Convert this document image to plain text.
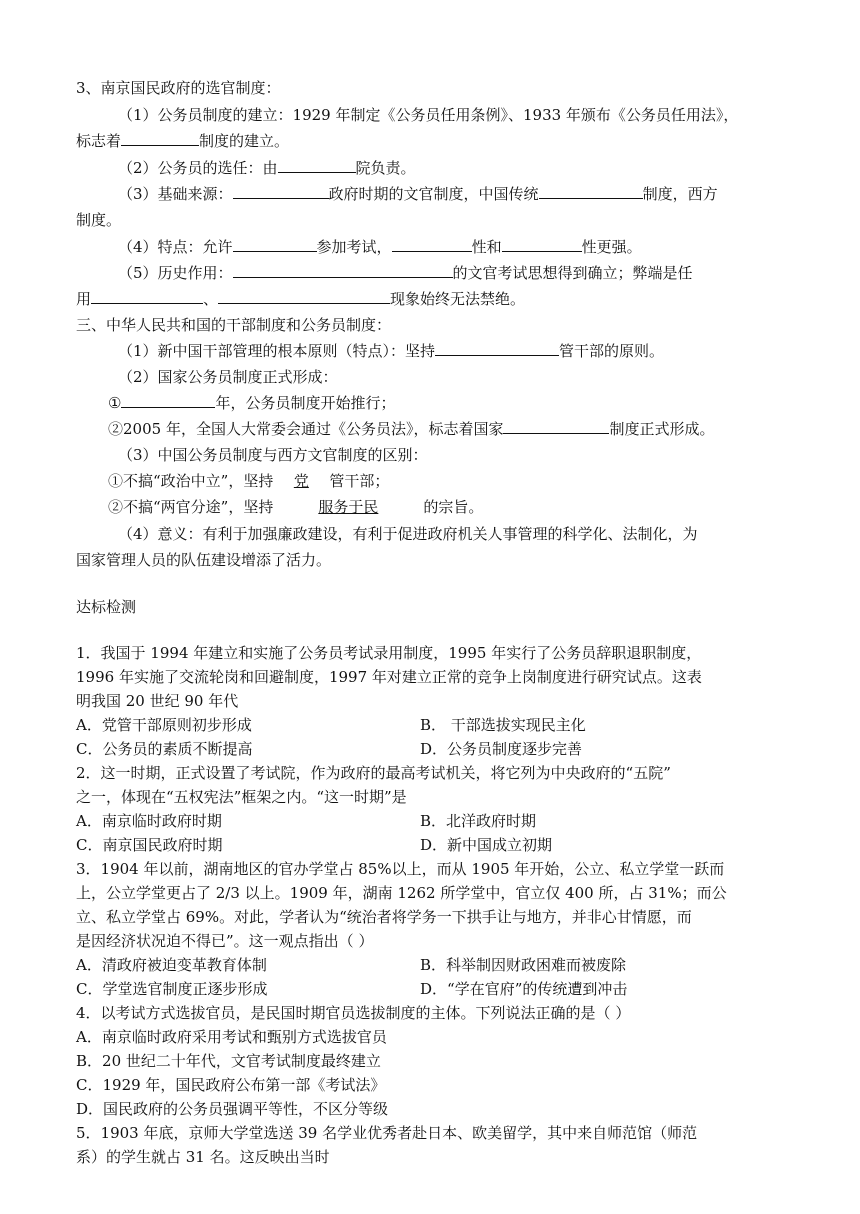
3、南京国民政府的选官制度：
（1）公务员制度的建立：1929 年制定《公务员任用条例》、1933 年颁布《公务员任用法》，
标志着	制度的建立。
（2）公务员的选任：由	院负责。
（3）基础来源：	政府时期的文官制度，中国传统	制度，西方
制度。
（4）特点：允许	参加考试，	性和	性更强。
（5）历史作用：	的文官考试思想得到确立；弊端是任
用	、	现象始终无法禁绝。
三、中华人民共和国的干部制度和公务员制度：
（1）新中国干部管理的根本原则（特点）：坚持	管干部的原则。
（2）国家公务员制度正式形成：
①	年，公务员制度开始推行；
②2005 年，全国人大常委会通过《公务员法》，标志着国家	制度正式形成。
（3）中国公务员制度与西方文官制度的区别：
①不搞“政治中立”，坚持 党 管干部；
②不搞“两官分途”，坚持	服务于民	的宗旨。
（4）意义：有利于加强廉政建设，有利于促进政府机关人事管理的科学化、法制化，为
国家管理人员的队伍建设增添了活力。
达标检测
1．我国于 1994 年建立和实施了公务员考试录用制度，1995 年实行了公务员辞职退职制度，
1996 年实施了交流轮岗和回避制度，1997 年对建立正常的竞争上岗制度进行研究试点。这表
明我国 20 世纪 90 年代
A．党管干部原则初步形成	B． 干部选拔实现民主化
C．公务员的素质不断提高	D．公务员制度逐步完善
2．这一时期，正式设置了考试院，作为政府的最高考试机关，将它列为中央政府的“五院”
之一，体现在“五权宪法”框架之内。“这一时期”是
A．南京临时政府时期	B．北洋政府时期
C．南京国民政府时期	D．新中国成立初期
3．1904 年以前，湖南地区的官办学堂占 85%以上，而从 1905 年开始，公立、私立学堂一跃而
上，公立学堂更占了 2/3 以上。1909 年，湖南 1262 所学堂中，官立仅 400 所，占 31%；而公
立、私立学堂占 69%。对此，学者认为“统治者将学务一下拱手让与地方，并非心甘情愿，而
是因经济状况迫不得已”。这一观点指出（ ）
A．清政府被迫变革教育体制	B．科举制因财政困难而被废除
C．学堂选官制度正逐步形成	D．“学在官府”的传统遭到冲击
4．以考试方式选拔官员，是民国时期官员选拔制度的主体。下列说法正确的是（ ）
A．南京临时政府采用考试和甄别方式选拔官员
B．20 世纪二十年代，文官考试制度最终建立
C．1929 年，国民政府公布第一部《考试法》
D．国民政府的公务员强调平等性，不区分等级
5．1903 年底，京师大学堂选送 39 名学业优秀者赴日本、欧美留学，其中来自师范馆（师范
系）的学生就占 31 名。这反映出当时
